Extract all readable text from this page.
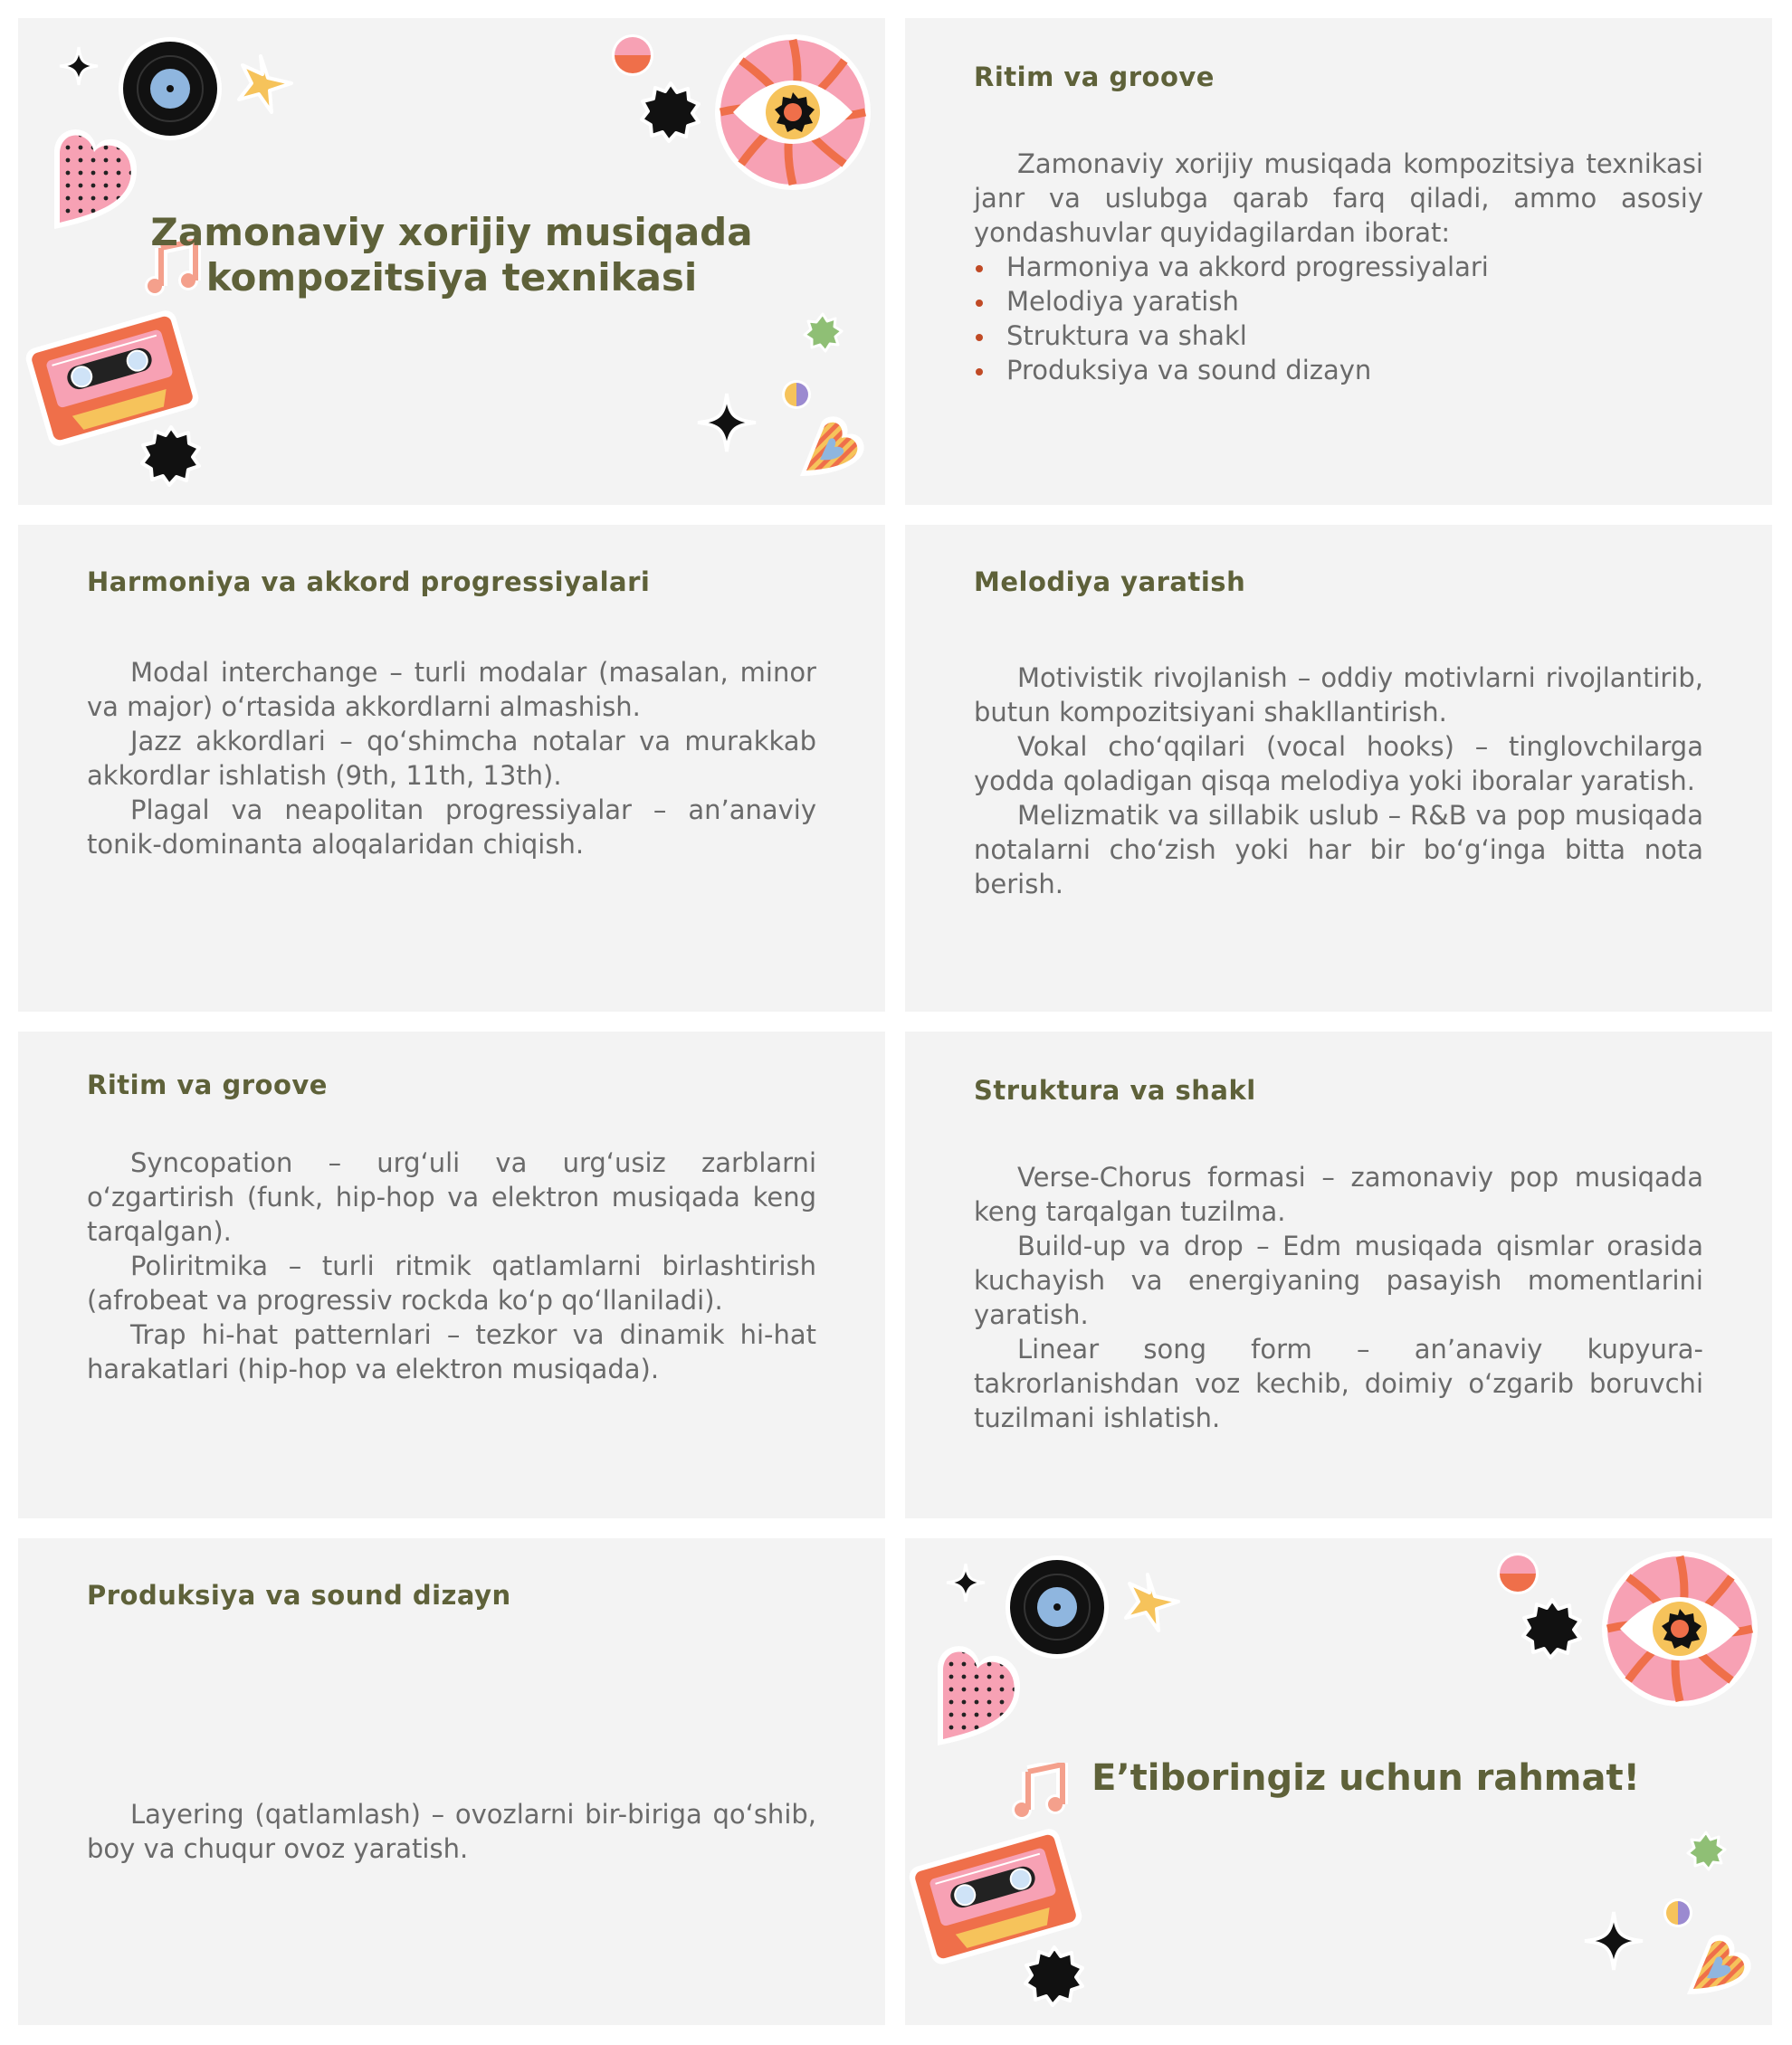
Zamonaviy xorijiy musiqada
kompozitsiya texnikasi
Ritim va groove

Zamonaviy xorijiy musiqada kompozitsiya texnikasi janr va uslubga qarab farq qiladi, ammo asosiy yondashuvlar quyidagilardan iborat:

Harmoniya va akkord progressiyalari
Melodiya yaratish
Struktura va shakl
Produksiya va sound dizayn
Harmoniya va akkord progressiyalari

Modal interchange – turli modalar (masalan, minor va major) o‘rtasida akkordlarni almashish.

Jazz akkordlari – qo‘shimcha notalar va murakkab akkordlar ishlatish (9th, 11th, 13th).

Plagal va neapolitan progressiyalar – an’anaviy tonik-dominanta aloqalaridan chiqish.

Melodiya yaratish

Motivistik rivojlanish – oddiy motivlarni rivojlantirib, butun kompozitsiyani shakllantirish.

Vokal cho‘qqilari (vocal hooks) – tinglovchilarga yodda qoladigan qisqa melodiya yoki iboralar yaratish.

Melizmatik va sillabik uslub – R&B va pop musiqada notalarni cho‘zish yoki har bir bo‘g‘inga bitta nota berish.

Ritim va groove

Syncopation – urg‘uli va urg‘usiz zarblarni o‘zgartirish (funk, hip-hop va elektron musiqada keng tarqalgan).

Poliritmika – turli ritmik qatlamlarni birlashtirish (afrobeat va progressiv rockda ko‘p qo‘llaniladi).

Trap hi-hat patternlari – tezkor va dinamik hi-hat harakatlari (hip-hop va elektron musiqada).

Struktura va shakl

Verse-Chorus formasi – zamonaviy pop musiqada keng tarqalgan tuzilma.

Build-up va drop – Edm musiqada qismlar orasida kuchayish va energiyaning pasayish momentlarini yaratish.

Linear song form – an’anaviy kupyura-takrorlanishdan voz kechib, doimiy o‘zgarib boruvchi tuzilmani ishlatish.

Produksiya va sound dizayn

Layering (qatlamlash) – ovozlarni bir-biriga qo‘shib, boy va chuqur ovoz yaratish.

E’tiboringiz uchun rahmat!
